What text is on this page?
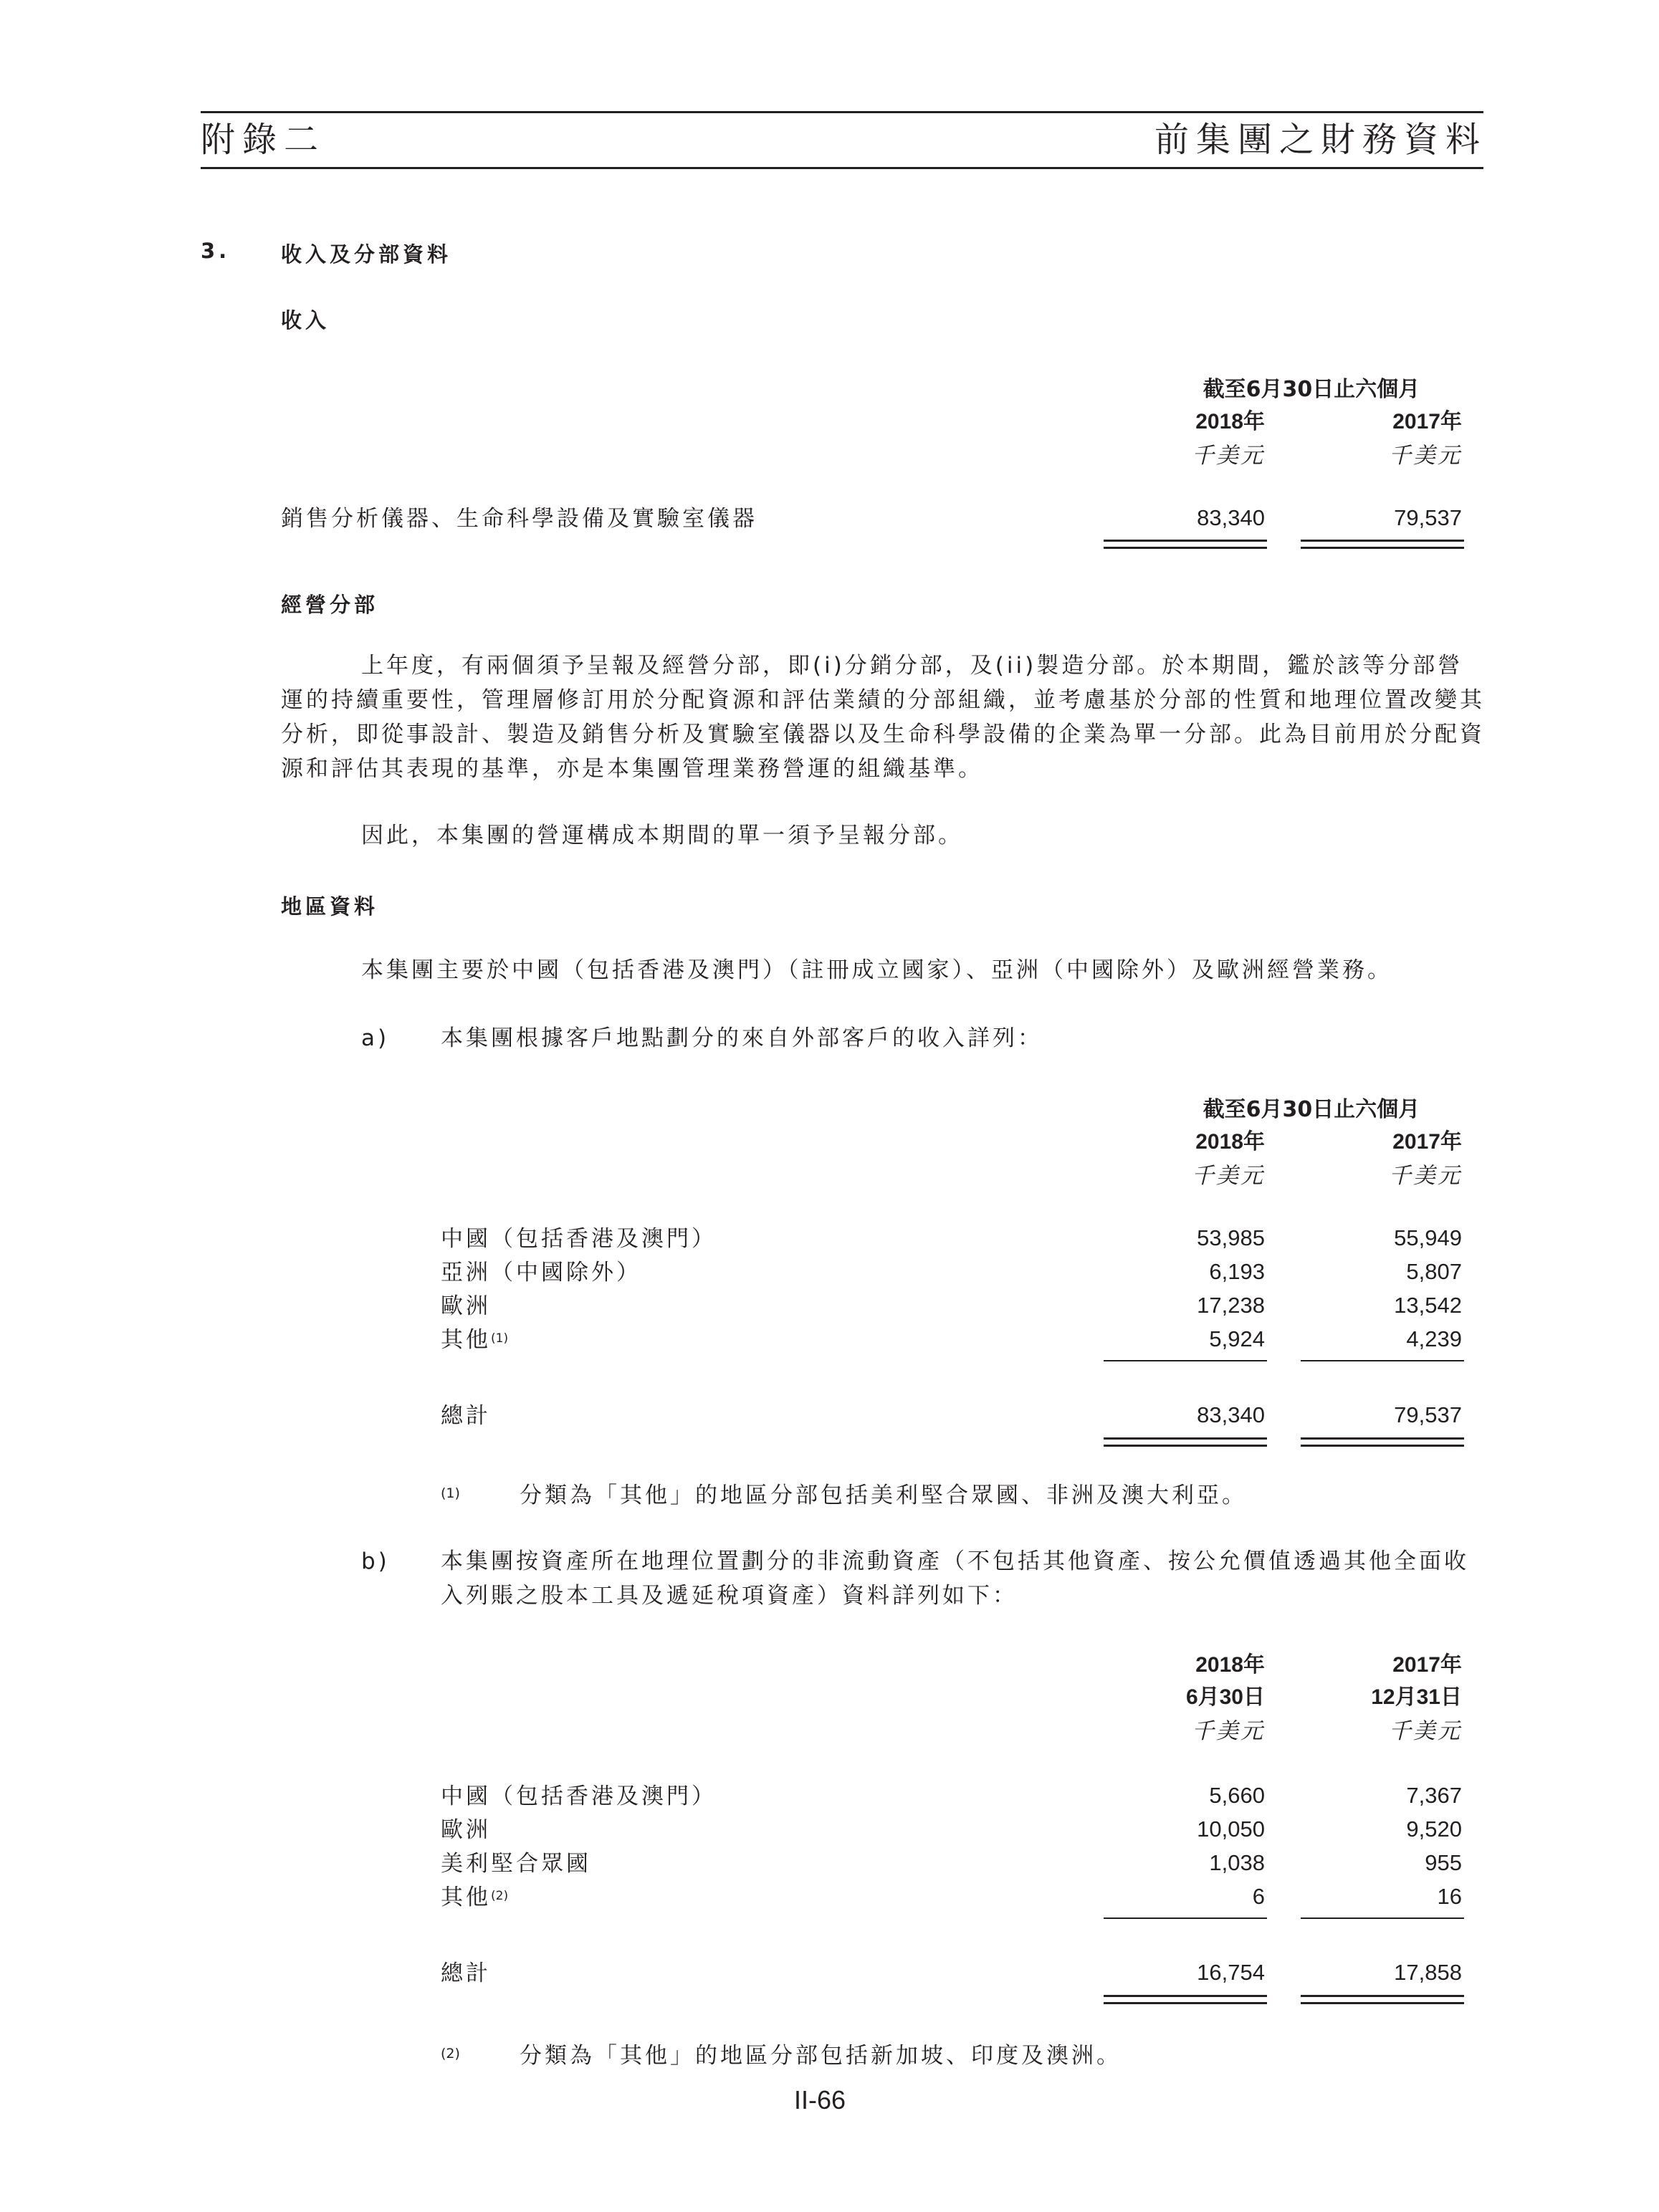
附錄二	前集團之財務資料
3. 收入及分部資料
收入
截至6月30日止六個月
2018年	2017年
千美元	千美元
銷售分析儀器、生命科學設備及實驗室儀器	83,340	79,537
經營分部
上年度，有兩個須予呈報及經營分部，即(i)分銷分部，及(ii)製造分部。於本期間，鑑於該等分部營運的持續重要性，管理層修訂用於分配資源和評估業績的分部組織，並考慮基於分部的性質和地理位置改變其分析，即從事設計、製造及銷售分析及實驗室儀器以及生命科學設備的企業為單一分部。此為目前用於分配資源和評估其表現的基準，亦是本集團管理業務營運的組織基準。
因此，本集團的營運構成本期間的單一須予呈報分部。
地區資料
本集團主要於中國（包括香港及澳門）（註冊成立國家）、亞洲（中國除外）及歐洲經營業務。
a) 本集團根據客戶地點劃分的來自外部客戶的收入詳列：
截至6月30日止六個月
2018年	2017年
千美元	千美元
中國（包括香港及澳門）	53,985	55,949
亞洲（中國除外）	6,193	5,807
歐洲	17,238	13,542
其他$^{(1)}$	5,924	4,239
總計	83,340	79,537
(1)	分類為「其他」的地區分部包括美利堅合眾國、非洲及澳大利亞。
b) 本集團按資產所在地理位置劃分的非流動資產（不包括其他資產、按公允價值透過其他全面收入列賬之股本工具及遞延稅項資產）資料詳列如下：
2018年	2017年
6月30日	12月31日
千美元	千美元
中國（包括香港及澳門）	5,660	7,367
歐洲	10,050	9,520
美利堅合眾國	1,038	955
其他$^{(2)}$	6	16
總計	16,754	17,858
(2)	分類為「其他」的地區分部包括新加坡、印度及澳洲。
II-66
